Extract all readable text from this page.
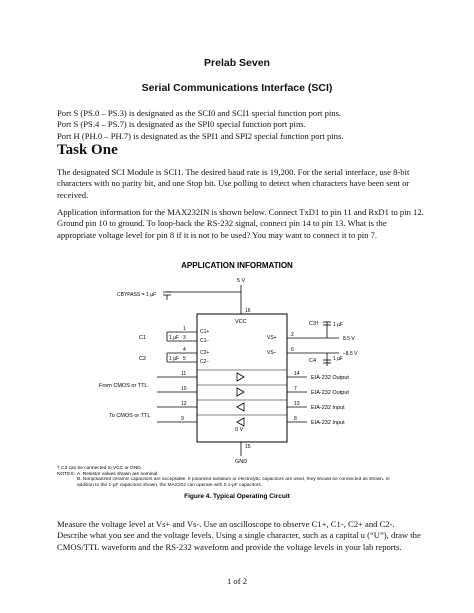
Prelab Seven
Serial Communications Interface (SCI)
Port S (PS.0 – PS.3) is designated as the SCI0 and SCI1 special function port pins.
Port S (PS.4 – PS.7) is designated as the SPI0 special function port pins.
Port H (PH.0 – PH.7) is designated as the SPI1 and SPI2 special function port pins.
Task One
The designated SCI Module is SCI1. The desired baud rate is 19,200. For the serial interface, use 8-bit characters with no parity bit, and one Stop bit. Use polling to detect when characters have been sent or received.
Application information for the MAX232IN is shown below. Connect TxD1 to pin 11 and RxD1 to pin 12. Ground pin 10 to ground. To loop-back the RS-232 signal, connect pin 14 to pin 13. What is the appropriate voltage level for pin 8 if it is not to be used? You may want to connect it to pin 7.
APPLICATION INFORMATION
5 V
CBYPASS = 1 µF
16
VCC
1
3
4
5
C1+
C1−
C2+
C2−
C1	1 µF
C2	1 µF
2
6
VS+
VS−
C3†	1 µF
C4	1 µF
8.5 V
–8.5 V
11
10
12
9
14
7
13
8
From CMOS or TTL
To CMOS or TTL
EIA-232 Output
EIA-232 Output
EIA-232 Input
EIA-232 Input
0 V
15
GND
† C3 can be connected to VCC or GND.
NOTES: A. Resistor values shown are nominal.
B. Nonpolarized ceramic capacitors are acceptable. If polarized tantalum or electrolytic capacitors are used, they should be connected as shown. In addition to the 1-µF capacitors shown, the MAX202 can operate with 0.1-µF capacitors.
Figure 4. Typical Operating Circuit
Measure the voltage level at Vs+ and Vs-. Use an oscilloscope to observe C1+, C1-, C2+ and C2-. Describe what you see and the voltage levels. Using a single character, such as a capital u (“U”), draw the CMOS/TTL waveform and the RS-232 waveform and provide the voltage levels in your lab reports.
1 of 2
